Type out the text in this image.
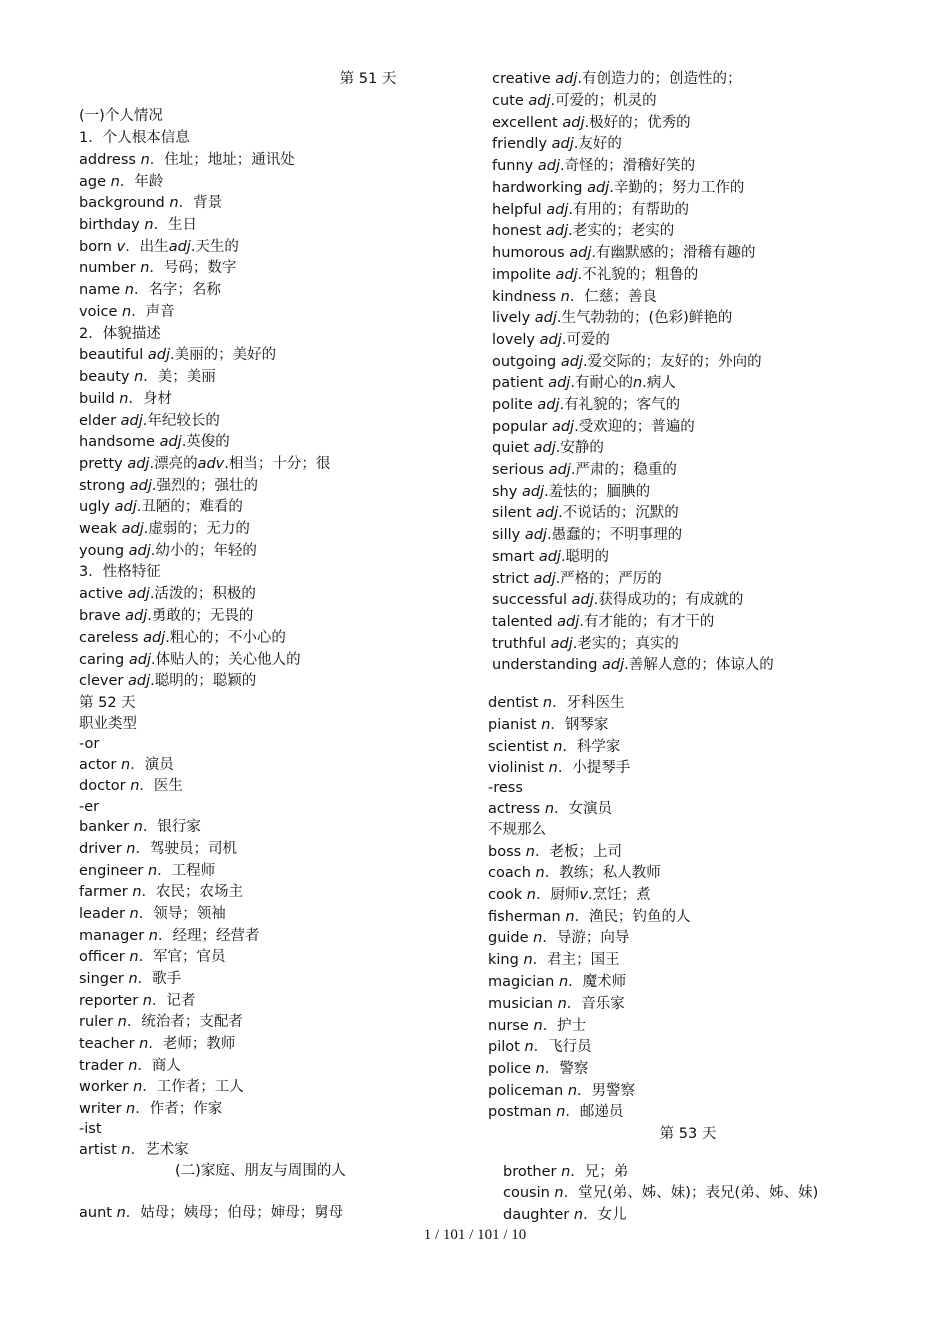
第 51 天
(一)个人情况
1．个人根本信息
address n．住址；地址；通讯处
age n．年龄
background n．背景
birthday n．生日
born v．出生adj.天生的
number n．号码；数字
name n．名字；名称
voice n．声音
2．体貌描述
beautiful adj.美丽的；美好的
beauty n．美；美丽
build n．身材
elder adj.年纪较长的
handsome adj.英俊的
pretty adj.漂亮的adv.相当；十分；很
strong adj.强烈的；强壮的
ugly adj.丑陋的；难看的
weak adj.虚弱的；无力的
young adj.幼小的；年轻的
3．性格特征
active adj.活泼的；积极的
brave adj.勇敢的；无畏的
careless adj.粗心的；不小心的
caring adj.体贴人的；关心他人的
clever adj.聪明的；聪颖的
第 52 天
职业类型
-or
actor n．演员
doctor n．医生
-er
banker n．银行家
driver n．驾驶员；司机
engineer n．工程师
farmer n．农民；农场主
leader n．领导；领袖
manager n．经理；经营者
officer n．军官；官员
singer n．歌手
reporter n．记者
ruler n．统治者；支配者
teacher n．老师；教师
trader n．商人
worker n．工作者；工人
writer n．作者；作家
-ist
artist n．艺术家
(二)家庭、朋友与周围的人
aunt n．姑母；姨母；伯母；婶母；舅母
creative adj.有创造力的；创造性的；
cute adj.可爱的；机灵的
excellent adj.极好的；优秀的
friendly adj.友好的
funny adj.奇怪的；滑稽好笑的
hardworking adj.辛勤的；努力工作的
helpful adj.有用的；有帮助的
honest adj.老实的；老实的
humorous adj.有幽默感的；滑稽有趣的
impolite adj.不礼貌的；粗鲁的
kindness n．仁慈；善良
lively adj.生气勃勃的；(色彩)鲜艳的
lovely adj.可爱的
outgoing adj.爱交际的；友好的；外向的
patient adj.有耐心的n.病人
polite adj.有礼貌的；客气的
popular adj.受欢迎的；普遍的
quiet adj.安静的
serious adj.严肃的；稳重的
shy adj.羞怯的；腼腆的
silent adj.不说话的；沉默的
silly adj.愚蠢的；不明事理的
smart adj.聪明的
strict adj.严格的；严厉的
successful adj.获得成功的；有成就的
talented adj.有才能的；有才干的
truthful adj.老实的；真实的
understanding adj.善解人意的；体谅人的
dentist n．牙科医生
pianist n．钢琴家
scientist n．科学家
violinist n．小提琴手
-ress
actress n．女演员
不规那么
boss n．老板；上司
coach n．教练；私人教师
cook n．厨师v.烹饪；煮
fisherman n．渔民；钓鱼的人
guide n．导游；向导
king n．君主；国王
magician n．魔术师
musician n．音乐家
nurse n．护士
pilot n．飞行员
police n．警察
policeman n．男警察
postman n．邮递员
第 53 天
brother n．兄；弟
cousin n．堂兄(弟、姊、妹)；表兄(弟、姊、妹)
daughter n．女儿
1 / 101 / 101 / 10
